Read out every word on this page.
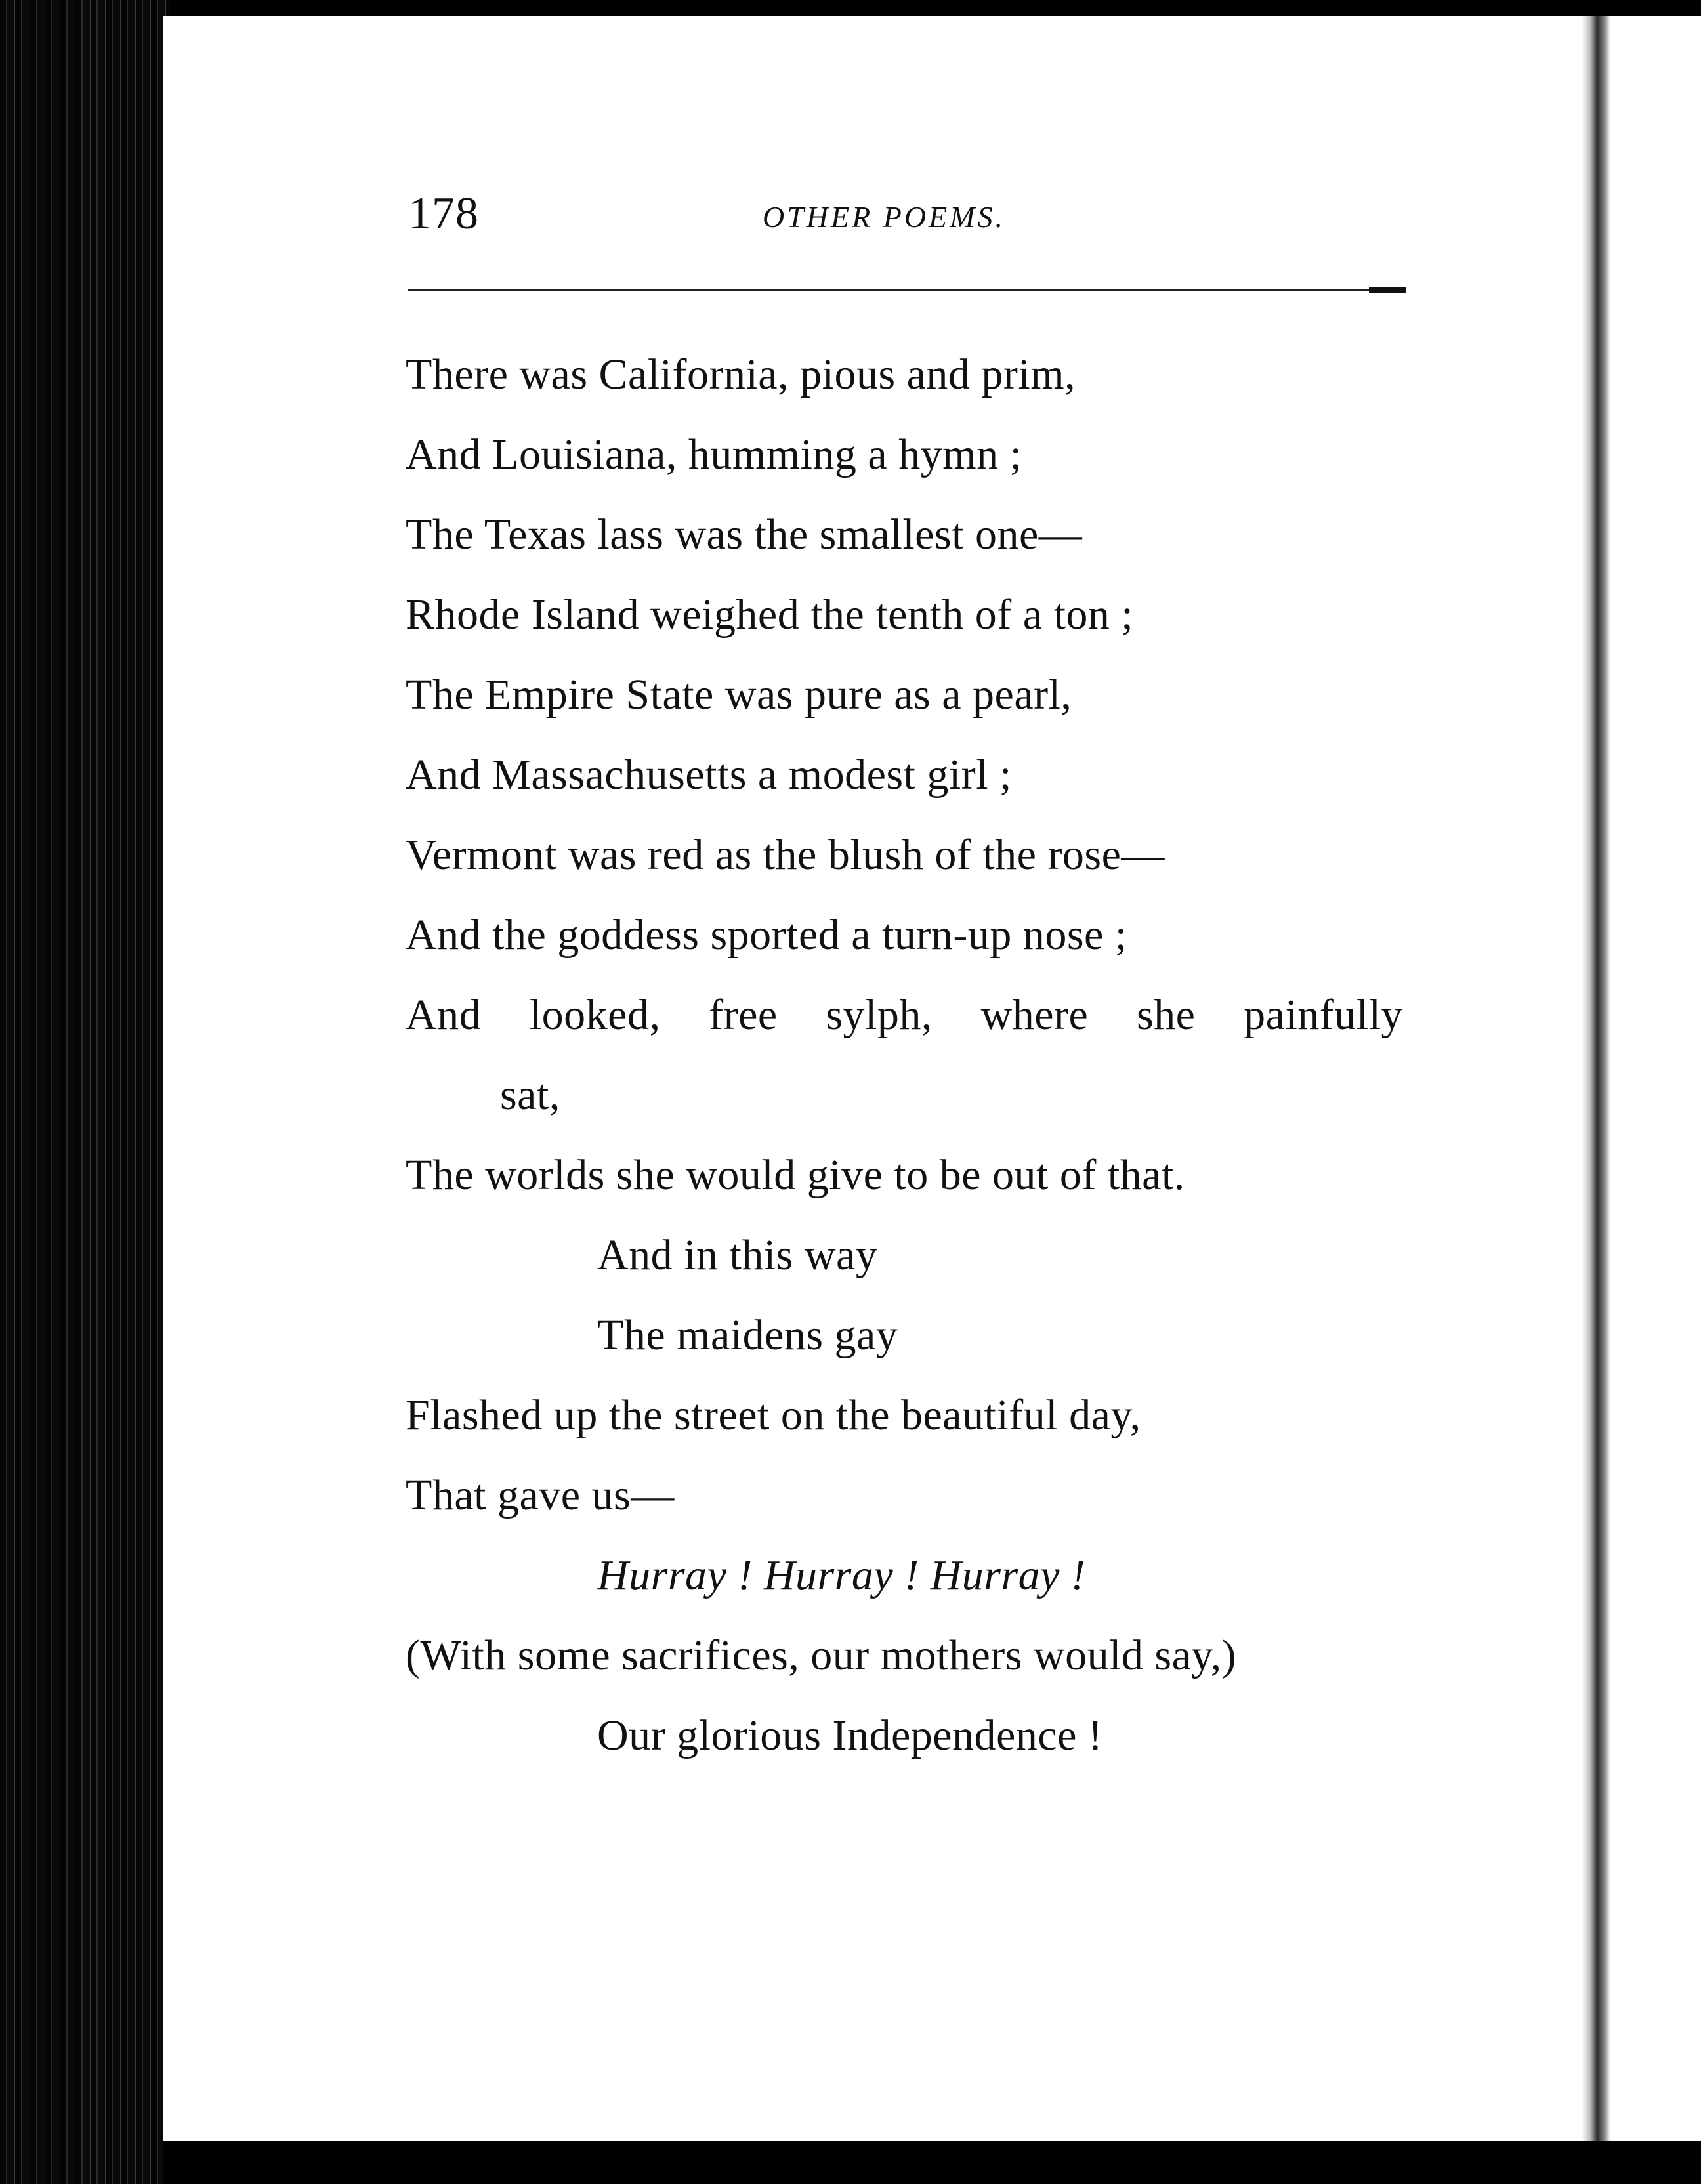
178	OTHER POEMS.
There was California, pious and prim,
And Louisiana, humming a hymn ;
The Texas lass was the smallest one—
Rhode Island weighed the tenth of a ton ;
The Empire State was pure as a pearl,
And Massachusetts a modest girl ;
Vermont was red as the blush of the rose—
And the goddess sported a turn-up nose ;
And looked, free sylph, where she painfully
sat,
The worlds she would give to be out of that.
And in this way
The maidens gay
Flashed up the street on the beautiful day,
That gave us—
Hurray ! Hurray ! Hurray !
(With some sacrifices, our mothers would say,)
Our glorious Independence !
